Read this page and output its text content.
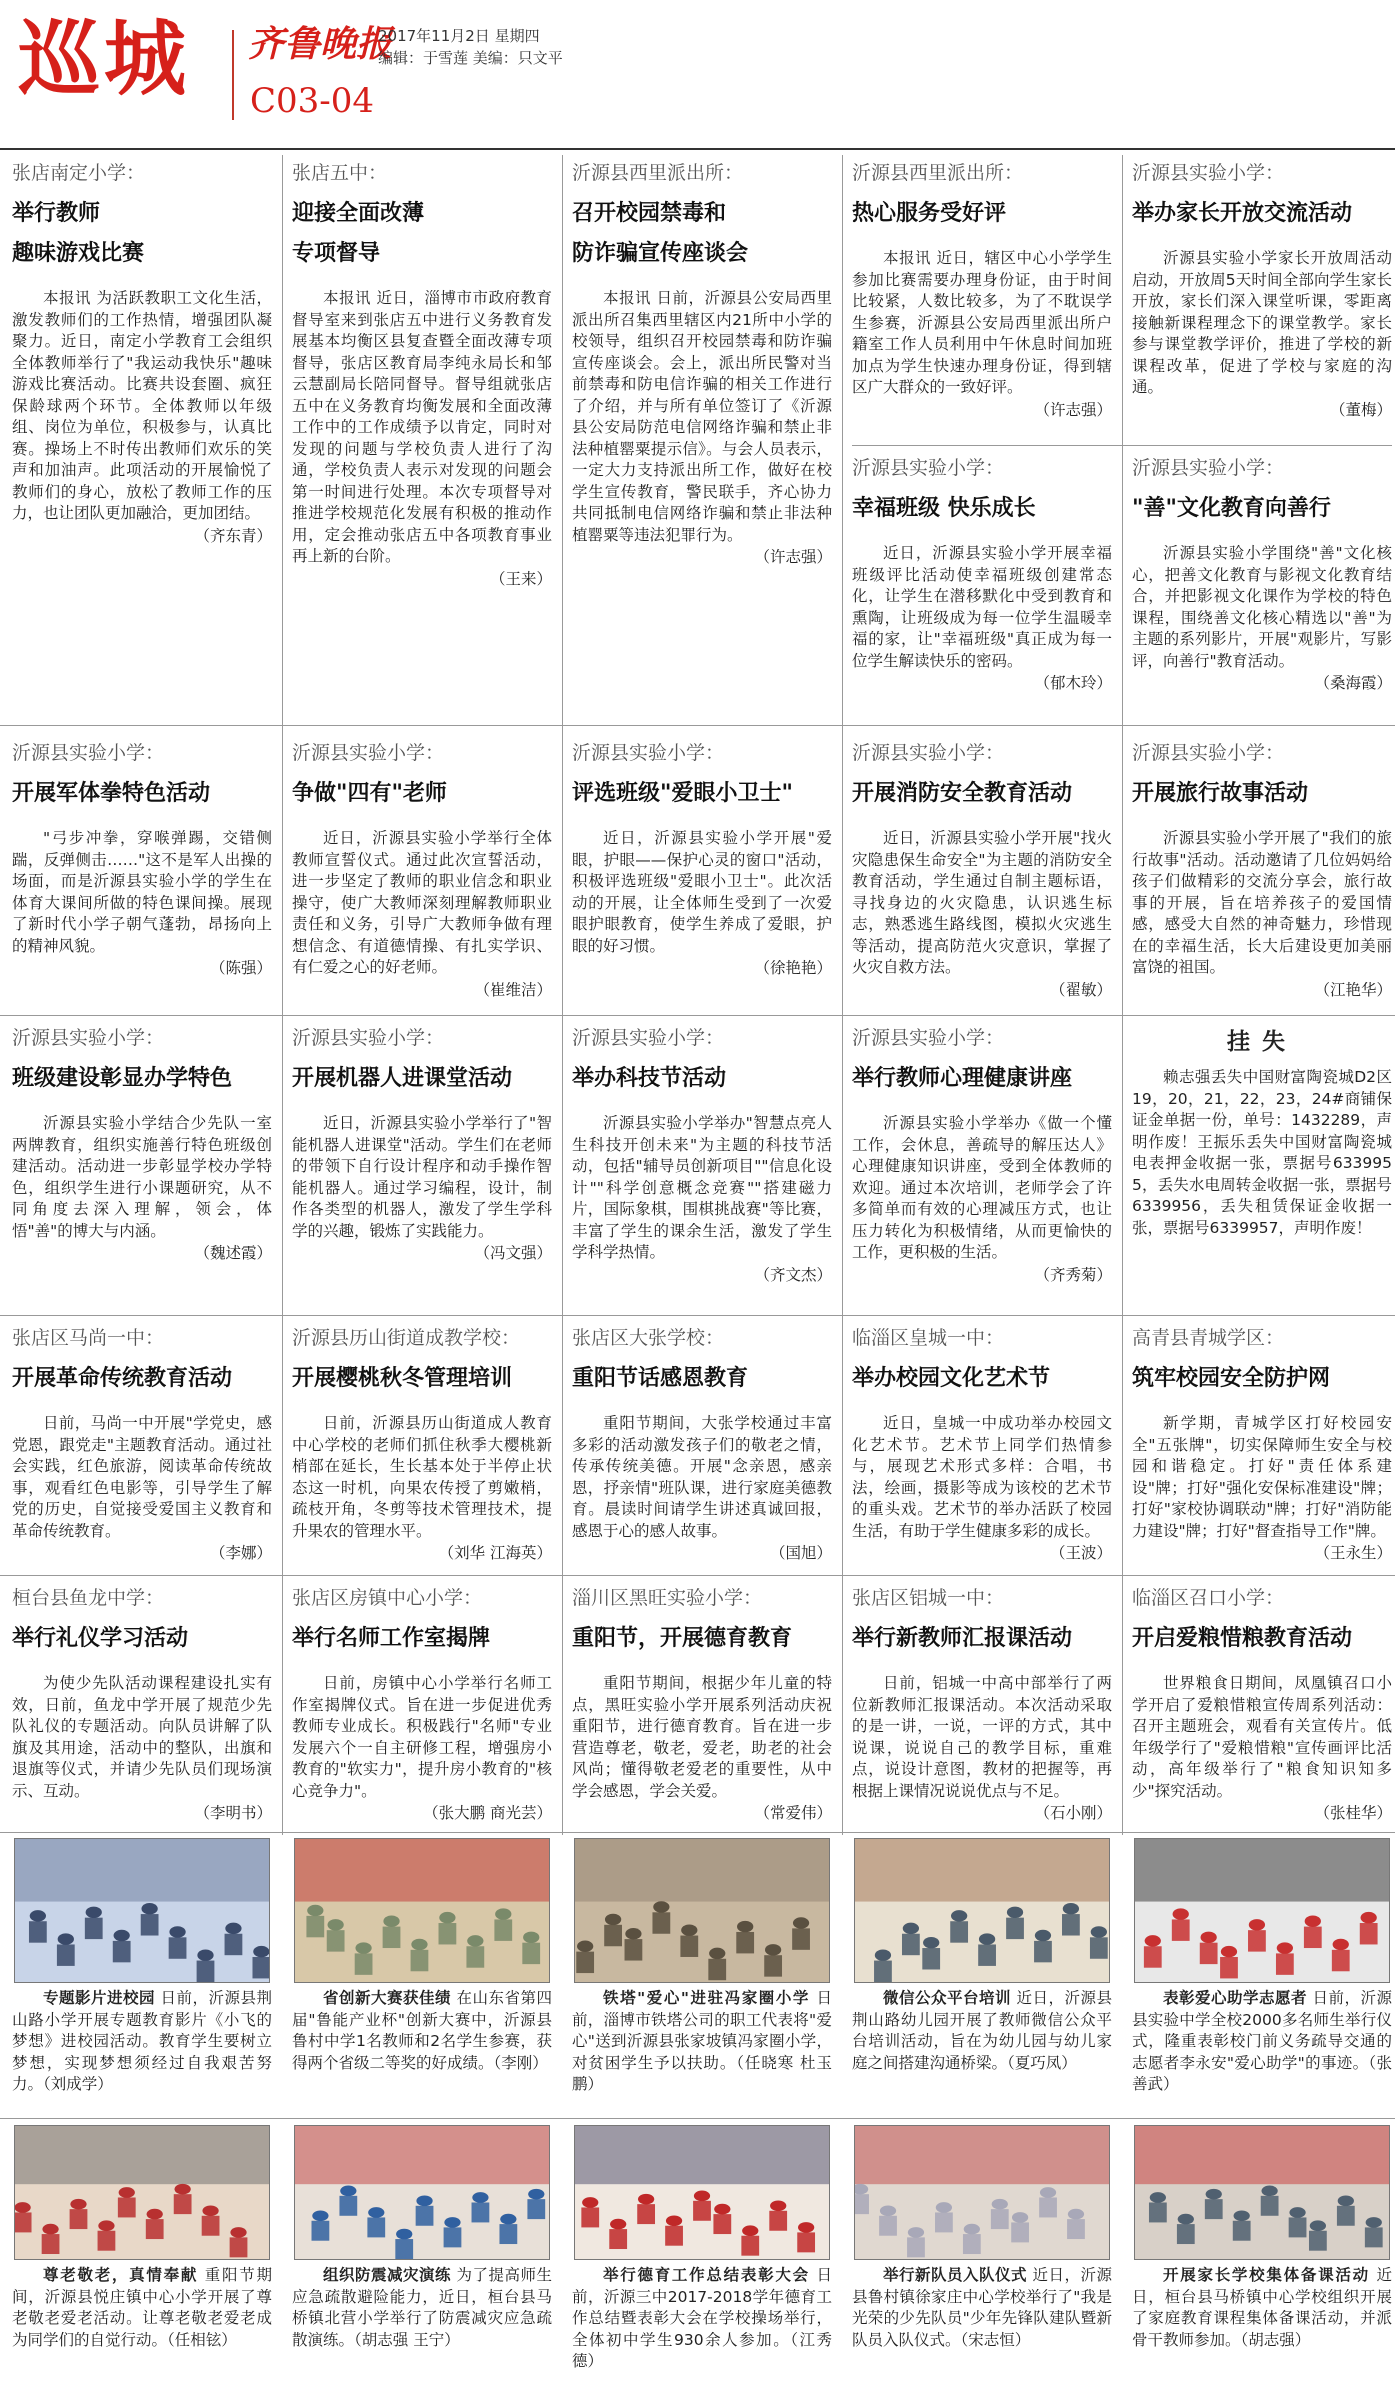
巡城 齐鲁晚报
2017年11月2日 星期四
编辑：于雪莲 美编：只文平
C03-04
张店南定小学：
举行教师
趣味游戏比赛
本报讯 为活跃教职工文化生活，激发教师们的工作热情，增强团队凝聚力。近日，南定小学教育工会组织全体教师举行了"我运动我快乐"趣味游戏比赛活动。比赛共设套圈、疯狂保龄球两个环节。全体教师以年级组、岗位为单位，积极参与，认真比赛。操场上不时传出教师们欢乐的笑声和加油声。此项活动的开展愉悦了教师们的身心，放松了教师工作的压力，也让团队更加融洽，更加团结。
（齐东青）
张店五中：
迎接全面改薄
专项督导
本报讯 近日，淄博市市政府教育督导室来到张店五中进行义务教育发展基本均衡区县复查暨全面改薄专项督导，张店区教育局李纯永局长和邹云慧副局长陪同督导。督导组就张店五中在义务教育均衡发展和全面改薄工作中的工作成绩予以肯定，同时对发现的问题与学校负责人进行了沟通，学校负责人表示对发现的问题会第一时间进行处理。本次专项督导对推进学校规范化发展有积极的推动作用，定会推动张店五中各项教育事业再上新的台阶。
（王来）
沂源县西里派出所：
召开校园禁毒和
防诈骗宣传座谈会
本报讯 日前，沂源县公安局西里派出所召集西里辖区内21所中小学的校领导，组织召开校园禁毒和防诈骗宣传座谈会。会上，派出所民警对当前禁毒和防电信诈骗的相关工作进行了介绍，并与所有单位签订了《沂源县公安局防范电信网络诈骗和禁止非法种植罂粟提示信》。与会人员表示，一定大力支持派出所工作，做好在校学生宣传教育，警民联手，齐心协力共同抵制电信网络诈骗和禁止非法种植罂粟等违法犯罪行为。
（许志强）
沂源县西里派出所：
热心服务受好评
本报讯 近日，辖区中心小学学生参加比赛需要办理身份证，由于时间比较紧，人数比较多，为了不耽误学生参赛，沂源县公安局西里派出所户籍室工作人员利用中午休息时间加班加点为学生快速办理身份证，得到辖区广大群众的一致好评。
（许志强）
沂源县实验小学：
幸福班级 快乐成长
近日，沂源县实验小学开展幸福班级评比活动使幸福班级创建常态化，让学生在潜移默化中受到教育和熏陶，让班级成为每一位学生温暖幸福的家，让"幸福班级"真正成为每一位学生解读快乐的密码。
（郁木玲）
沂源县实验小学：
举办家长开放交流活动
沂源县实验小学家长开放周活动启动，开放周5天时间全部向学生家长开放，家长们深入课堂听课，零距离接触新课程理念下的课堂教学。家长参与课堂教学评价，推进了学校的新课程改革，促进了学校与家庭的沟通。
（董梅）
沂源县实验小学：
"善"文化教育向善行
沂源县实验小学围绕"善"文化核心，把善文化教育与影视文化教育结合，并把影视文化课作为学校的特色课程，围绕善文化核心精选以"善"为主题的系列影片，开展"观影片，写影评，向善行"教育活动。
（桑海霞）
沂源县实验小学：
开展军体拳特色活动
"弓步冲拳，穿喉弹踢，交错侧踹，反弹侧击……"这不是军人出操的场面，而是沂源县实验小学的学生在体育大课间所做的特色课间操。展现了新时代小学子朝气蓬勃，昂扬向上的精神风貌。
（陈强）
沂源县实验小学：
争做"四有"老师
近日，沂源县实验小学举行全体教师宣誓仪式。通过此次宣誓活动，进一步坚定了教师的职业信念和职业操守，使广大教师深刻理解教师职业责任和义务，引导广大教师争做有理想信念、有道德情操、有扎实学识、有仁爱之心的好老师。
（崔维洁）
沂源县实验小学：
评选班级"爱眼小卫士"
近日，沂源县实验小学开展"爱眼，护眼——保护心灵的窗口"活动，积极评选班级"爱眼小卫士"。此次活动的开展，让全体师生受到了一次爱眼护眼教育，使学生养成了爱眼，护眼的好习惯。
（徐艳艳）
沂源县实验小学：
开展消防安全教育活动
近日，沂源县实验小学开展"找火灾隐患保生命安全"为主题的消防安全教育活动，学生通过自制主题标语，寻找身边的火灾隐患，认识逃生标志，熟悉逃生路线图，模拟火灾逃生等活动，提高防范火灾意识，掌握了火灾自救方法。
（翟敏）
沂源县实验小学：
开展旅行故事活动
沂源县实验小学开展了"我们的旅行故事"活动。活动邀请了几位妈妈给孩子们做精彩的交流分享会，旅行故事的开展，旨在培养孩子的爱国情感，感受大自然的神奇魅力，珍惜现在的幸福生活，长大后建设更加美丽富饶的祖国。
（江艳华）
沂源县实验小学：
班级建设彰显办学特色
沂源县实验小学结合少先队一室两牌教育，组织实施善行特色班级创建活动。活动进一步彰显学校办学特色，组织学生进行小课题研究，从不同角度去深入理解，领会，体悟"善"的博大与内涵。
（魏述霞）
沂源县实验小学：
开展机器人进课堂活动
近日，沂源县实验小学举行了"智能机器人进课堂"活动。学生们在老师的带领下自行设计程序和动手操作智能机器人。通过学习编程，设计，制作各类型的机器人，激发了学生学科学的兴趣，锻炼了实践能力。
（冯文强）
沂源县实验小学：
举办科技节活动
沂源县实验小学举办"智慧点亮人生科技开创未来"为主题的科技节活动，包括"辅导员创新项目""信息化设计""科学创意概念竞赛""搭建磁力片，国际象棋，围棋挑战赛"等比赛，丰富了学生的课余生活，激发了学生学科学热情。
（齐文杰）
沂源县实验小学：
举行教师心理健康讲座
沂源县实验小学举办《做一个懂工作，会休息，善疏导的解压达人》心理健康知识讲座，受到全体教师的欢迎。通过本次培训，老师学会了许多简单而有效的心理减压方式，也让压力转化为积极情绪，从而更愉快的工作，更积极的生活。
（齐秀菊）
挂失
赖志强丢失中国财富陶瓷城D2区19，20，21，22，23，24#商铺保证金单据一份，单号：1432289，声明作废！王振乐丢失中国财富陶瓷城电表押金收据一张，票据号6339955，丢失水电周转金收据一张，票据号6339956，丢失租赁保证金收据一张，票据号6339957，声明作废！
张店区马尚一中：
开展革命传统教育活动
日前，马尚一中开展"学党史，感党恩，跟党走"主题教育活动。通过社会实践，红色旅游，阅读革命传统故事，观看红色电影等，引导学生了解党的历史，自觉接受爱国主义教育和革命传统教育。
（李娜）
沂源县历山街道成教学校：
开展樱桃秋冬管理培训
日前，沂源县历山街道成人教育中心学校的老师们抓住秋季大樱桃新梢部在延长，生长基本处于半停止状态这一时机，向果农传授了剪嫩梢，疏枝开角，冬剪等技术管理技术，提升果农的管理水平。
（刘华 江海英）
张店区大张学校：
重阳节话感恩教育
重阳节期间，大张学校通过丰富多彩的活动激发孩子们的敬老之情，传承传统美德。开展"念亲恩，感亲恩，抒亲情"班队课，进行家庭美德教育。晨读时间请学生讲述真诚回报，感恩于心的感人故事。
（国旭）
临淄区皇城一中：
举办校园文化艺术节
近日，皇城一中成功举办校园文化艺术节。艺术节上同学们热情参与，展现艺术形式多样：合唱，书法，绘画，摄影等成为该校的艺术节的重头戏。艺术节的举办活跃了校园生活，有助于学生健康多彩的成长。
（王波）
高青县青城学区：
筑牢校园安全防护网
新学期，青城学区打好校园安全"五张牌"，切实保障师生安全与校园和谐稳定。打好"责任体系建设"牌；打好"强化安保标准建设"牌；打好"家校协调联动"牌；打好"消防能力建设"牌；打好"督查指导工作"牌。
（王永生）
桓台县鱼龙中学：
举行礼仪学习活动
为使少先队活动课程建设扎实有效，日前，鱼龙中学开展了规范少先队礼仪的专题活动。向队员讲解了队旗及其用途，活动中的整队，出旗和退旗等仪式，并请少先队员们现场演示、互动。
（李明书）
张店区房镇中心小学：
举行名师工作室揭牌
日前，房镇中心小学举行名师工作室揭牌仪式。旨在进一步促进优秀教师专业成长。积极践行"名师"专业发展六个一自主研修工程，增强房小教育的"软实力"，提升房小教育的"核心竞争力"。
（张大鹏 商光芸）
淄川区黑旺实验小学：
重阳节，开展德育教育
重阳节期间，根据少年儿童的特点，黑旺实验小学开展系列活动庆祝重阳节，进行德育教育。旨在进一步营造尊老，敬老，爱老，助老的社会风尚；懂得敬老爱老的重要性，从中学会感恩，学会关爱。
（常爱伟）
张店区铝城一中：
举行新教师汇报课活动
日前，铝城一中高中部举行了两位新教师汇报课活动。本次活动采取的是一讲，一说，一评的方式，其中说课，说说自己的教学目标，重难点，说设计意图，教材的把握等，再根据上课情况说说优点与不足。
（石小刚）
临淄区召口小学：
开启爱粮惜粮教育活动
世界粮食日期间，凤凰镇召口小学开启了爱粮惜粮宣传周系列活动：召开主题班会，观看有关宣传片。低年级学行了"爱粮惜粮"宣传画评比活动，高年级举行了"粮食知识知多少"探究活动。
（张桂华）
专题影片进校园 日前，沂源县荆山路小学开展专题教育影片《小飞的梦想》进校园活动。教育学生要树立梦想，实现梦想须经过自我艰苦努力。（刘成学）
省创新大赛获佳绩 在山东省第四届"鲁能产业杯"创新大赛中，沂源县鲁村中学1名教师和2名学生参赛，获得两个省级二等奖的好成绩。（李刚）
铁塔"爱心"进驻冯家圈小学 日前，淄博市铁塔公司的职工代表将"爱心"送到沂源县张家坡镇冯家圈小学，对贫困学生予以扶助。（任晓寒 杜玉鹏）
微信公众平台培训 近日，沂源县荆山路幼儿园开展了教师微信公众平台培训活动，旨在为幼儿园与幼儿家庭之间搭建沟通桥梁。（夏巧凤）
表彰爱心助学志愿者 日前，沂源县实验中学全校2000多名师生举行仪式，隆重表彰校门前义务疏导交通的志愿者李永安"爱心助学"的事迹。（张善武）
尊老敬老，真情奉献 重阳节期间，沂源县悦庄镇中心小学开展了尊老敬老爱老活动。让尊老敬老爱老成为同学们的自觉行动。（任相铉）
组织防震减灾演练 为了提高师生应急疏散避险能力，近日，桓台县马桥镇北营小学举行了防震减灾应急疏散演练。（胡志强 王宁）
举行德育工作总结表彰大会 日前，沂源三中2017-2018学年德育工作总结暨表彰大会在学校操场举行，全体初中学生930余人参加。（江秀德）
举行新队员入队仪式 近日，沂源县鲁村镇徐家庄中心学校举行了"我是光荣的少先队员"少年先锋队建队暨新队员入队仪式。（宋志恒）
开展家长学校集体备课活动 近日，桓台县马桥镇中心学校组织开展了家庭教育课程集体备课活动，并派骨干教师参加。（胡志强）
